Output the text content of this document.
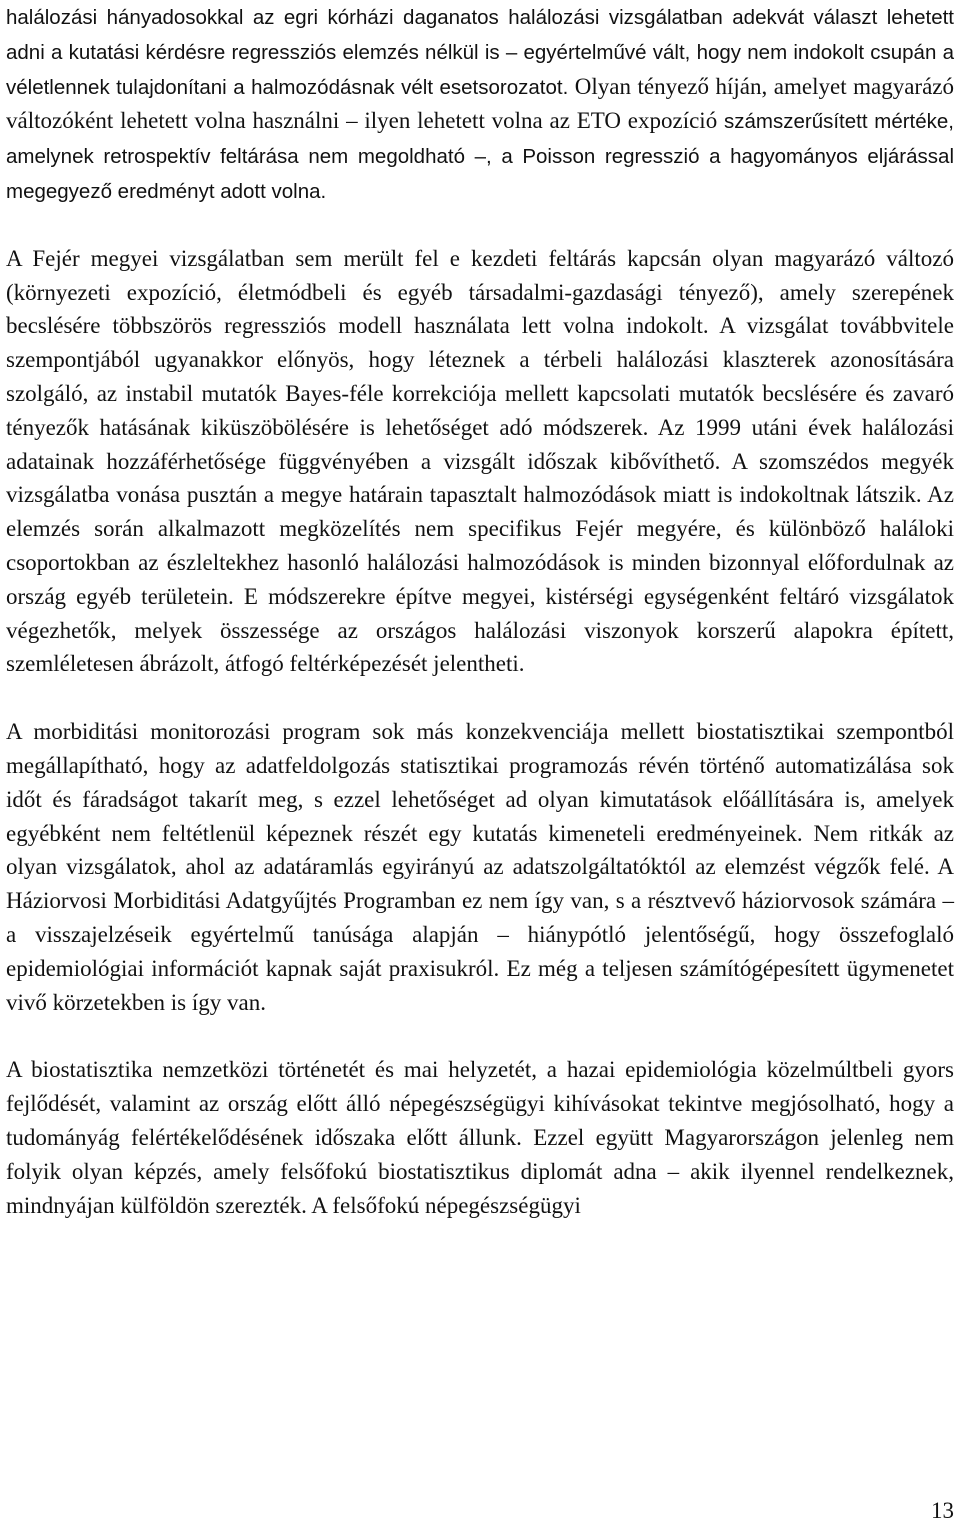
halálozási hányadosokkal az egri kórházi daganatos halálozási vizsgálatban adekvát választ lehetett adni a kutatási kérdésre regressziós elemzés nélkül is – egyértelművé vált, hogy nem indokolt csupán a véletlennek tulajdonítani a halmozódásnak vélt esetsorozatot. Olyan tényező híján, amelyet magyarázó változóként lehetett volna használni – ilyen lehetett volna az ETO expozíció számszerűsített mértéke, amelynek retrospektív feltárása nem megoldható –, a Poisson regresszió a hagyományos eljárással megegyező eredményt adott volna.

A Fejér megyei vizsgálatban sem merült fel e kezdeti feltárás kapcsán olyan magyarázó változó (környezeti expozíció, életmódbeli és egyéb társadalmi-gazdasági tényező), amely szerepének becslésére többszörös regressziós modell használata lett volna indokolt. A vizsgálat továbbvitele szempontjából ugyanakkor előnyös, hogy léteznek a térbeli halálozási klaszterek azonosítására szolgáló, az instabil mutatók Bayes-féle korrekciója mellett kapcsolati mutatók becslésére és zavaró tényezők hatásának kiküszöbölésére is lehetőséget adó módszerek. Az 1999 utáni évek halálozási adatainak hozzáférhetősége függvényében a vizsgált időszak kibővíthető. A szomszédos megyék vizsgálatba vonása pusztán a megye határain tapasztalt halmozódások miatt is indokoltnak látszik. Az elemzés során alkalmazott megközelítés nem specifikus Fejér megyére, és különböző haláloki csoportokban az észleltekhez hasonló halálozási halmozódások is minden bizonnyal előfordulnak az ország egyéb területein. E módszerekre építve megyei, kistérségi egységenként feltáró vizsgálatok végezhetők, melyek összessége az országos halálozási viszonyok korszerű alapokra épített, szemléletesen ábrázolt, átfogó feltérképezését jelentheti.

A morbiditási monitorozási program sok más konzekvenciája mellett biostatisztikai szempontból megállapítható, hogy az adatfeldolgozás statisztikai programozás révén történő automatizálása sok időt és fáradságot takarít meg, s ezzel lehetőséget ad olyan kimutatások előállítására is, amelyek egyébként nem feltétlenül képeznek részét egy kutatás kimeneteli eredményeinek. Nem ritkák az olyan vizsgálatok, ahol az adatáramlás egyirányú az adatszolgáltatóktól az elemzést végzők felé. A Háziorvosi Morbiditási Adatgyűjtés Programban ez nem így van, s a résztvevő háziorvosok számára – a visszajelzéseik egyértelmű tanúsága alapján – hiánypótló jelentőségű, hogy összefoglaló epidemiológiai információt kapnak saját praxisukról. Ez még a teljesen számítógépesített ügymenetet vivő körzetekben is így van.

A biostatisztika nemzetközi történetét és mai helyzetét, a hazai epidemiológia közelmúltbeli gyors fejlődését, valamint az ország előtt álló népegészségügyi kihívásokat tekintve megjósolható, hogy a tudományág felértékelődésének időszaka előtt állunk. Ezzel együtt Magyarországon jelenleg nem folyik olyan képzés, amely felsőfokú biostatisztikus diplomát adna – akik ilyennel rendelkeznek, mindnyájan külföldön szerezték. A felsőfokú népegészségügyi

13
